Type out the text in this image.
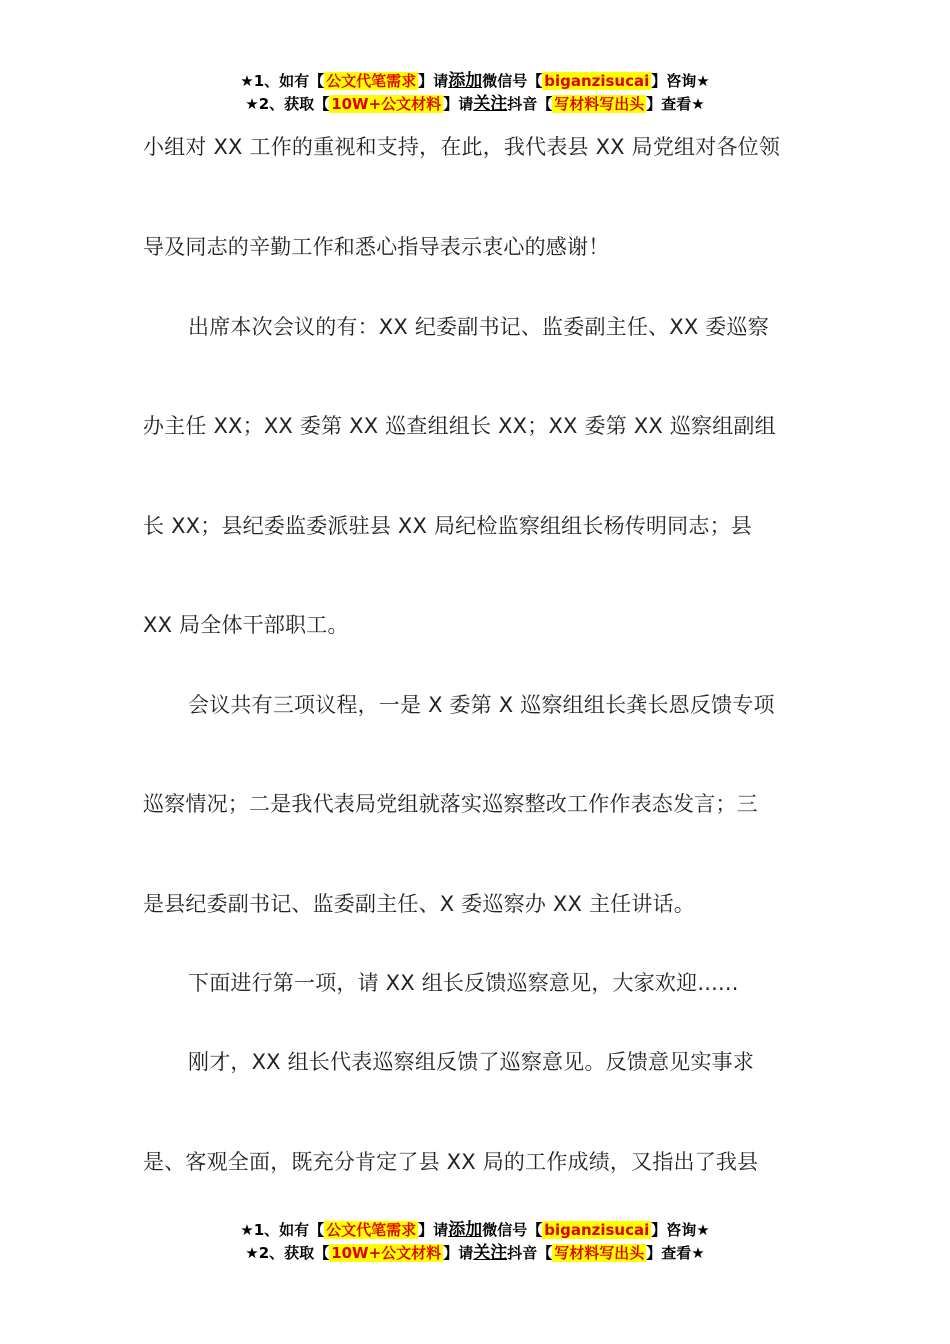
★1、如有【 公文代笔需求 】请添加微信号【 biganzisucai 】咨询★
★2、获取【 10W+公文材料 】请关注抖音【 写材料写出头 】查看★
小组对 XX 工作的重视和支持，在此，我代表县 XX 局党组对各位领
导及同志的辛勤工作和悉心指导表示衷心的感谢！
出席本次会议的有：XX 纪委副书记、监委副主任、XX 委巡察
办主任 XX；XX 委第 XX 巡查组组长 XX；XX 委第 XX 巡察组副组
长 XX；县纪委监委派驻县 XX 局纪检监察组组长杨传明同志；县
XX 局全体干部职工。
会议共有三项议程，一是 X 委第 X 巡察组组长龚长恩反馈专项
巡察情况；二是我代表局党组就落实巡察整改工作作表态发言；三
是县纪委副书记、监委副主任、X 委巡察办 XX 主任讲话。
下面进行第一项，请 XX 组长反馈巡察意见，大家欢迎......
刚才，XX 组长代表巡察组反馈了巡察意见。反馈意见实事求
是、客观全面，既充分肯定了县 XX 局的工作成绩，又指出了我县
★1、如有【 公文代笔需求 】请添加微信号【 biganzisucai 】咨询★
★2、获取【 10W+公文材料 】请关注抖音【 写材料写出头 】查看★
